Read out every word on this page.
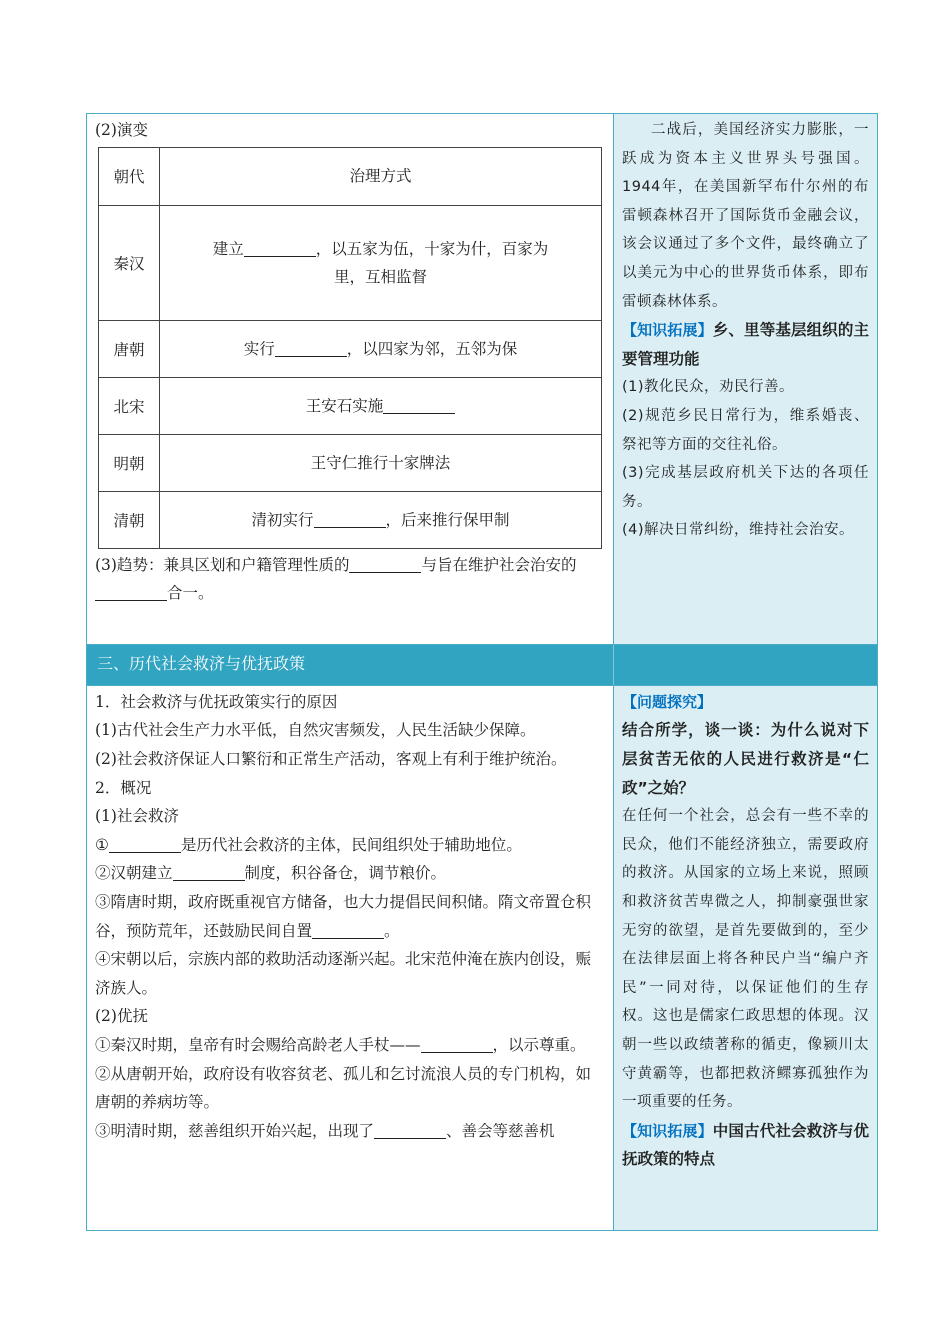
(2)演变

朝代	治理方式
秦汉	建立 ，以五家为伍，十家为什，百家为里，互相监督
唐朝	实行 ，以四家为邻，五邻为保
北宋	王安石实施
明朝	王守仁推行十家牌法
清朝	清初实行 ，后来推行保甲制

(3)趋势：兼具区划和户籍管理性质的	与旨在维护社会治安的合一。

二战后，美国经济实力膨胀，一跃成为资本主义世界头号强国。1944年，在美国新罕布什尔州的布雷顿森林召开了国际货币金融会议，该会议通过了多个文件，最终确立了以美元为中心的世界货币体系，即布雷顿森林体系。

【知识拓展】乡、里等基层组织的主要管理功能

(1)教化民众，劝民行善。

(2)规范乡民日常行为，维系婚丧、祭祀等方面的交往礼俗。

(3)完成基层政府机关下达的各项任务。

(4)解决日常纠纷，维持社会治安。

三、历代社会救济与优抚政策

1．社会救济与优抚政策实行的原因

(1)古代社会生产力水平低，自然灾害频发，人民生活缺少保障。

(2)社会救济保证人口繁衍和正常生产活动，客观上有利于维护统治。

2．概况

(1)社会救济

①	是历代社会救济的主体，民间组织处于辅助地位。

②汉朝建立	制度，积谷备仓，调节粮价。

③隋唐时期，政府既重视官方储备，也大力提倡民间积储。隋文帝置仓积谷，预防荒年，还鼓励民间自置	。

④宋朝以后，宗族内部的救助活动逐渐兴起。北宋范仲淹在族内创设，赈济族人。

(2)优抚

①秦汉时期，皇帝有时会赐给高龄老人手杖——	，以示尊重。

②从唐朝开始，政府设有收容贫老、孤儿和乞讨流浪人员的专门机构，如唐朝的养病坊等。

③明清时期，慈善组织开始兴起，出现了	、善会等慈善机

【问题探究】

结合所学，谈一谈：为什么说对下层贫苦无依的人民进行救济是“仁政”之始？

在任何一个社会，总会有一些不幸的民众，他们不能经济独立，需要政府的救济。从国家的立场上来说，照顾和救济贫苦卑微之人，抑制豪强世家无穷的欲望，是首先要做到的，至少在法律层面上将各种民户当“编户齐民”一同对待，以保证他们的生存权。这也是儒家仁政思想的体现。汉朝一些以政绩著称的循吏，像颍川太守黄霸等，也都把救济鳏寡孤独作为一项重要的任务。

【知识拓展】中国古代社会救济与优抚政策的特点
